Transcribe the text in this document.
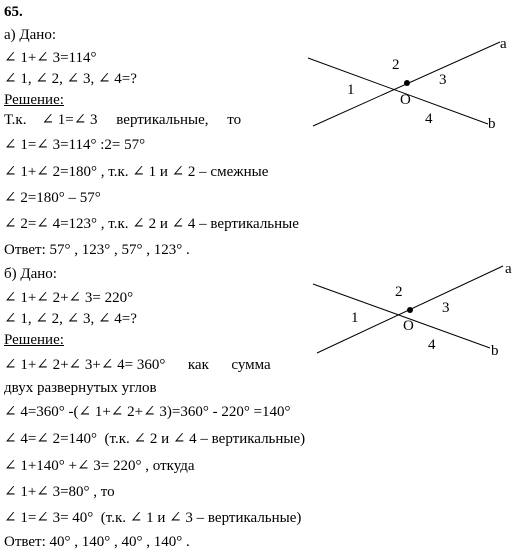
65.
а) Дано:
∠ 1+∠ 3=114°
∠ 1, ∠ 2, ∠ 3, ∠ 4=?
Решение:
Т.к.    ∠ 1=∠ 3     вертикальные,     то
∠ 1=∠ 3=114° :2= 57°
∠ 1+∠ 2=180° , т.к. ∠ 1 и ∠ 2 – смежные
∠ 2=180° – 57°
∠ 2=∠ 4=123° , т.к. ∠ 2 и ∠ 4 – вертикальные
Ответ: 57° , 123° , 57° , 123° .
б) Дано:
∠ 1+∠ 2+∠ 3= 220°
∠ 1, ∠ 2, ∠ 3, ∠ 4=?
Решение:
∠ 1+∠ 2+∠ 3+∠ 4= 360°      как      сумма
двух развернутых углов
∠ 4=360° -(∠ 1+∠ 2+∠ 3)=360° - 220° =140°
∠ 4=∠ 2=140°  (т.к. ∠ 2 и ∠ 4 – вертикальные)
∠ 1+140° +∠ 3= 220° , откуда
∠ 1+∠ 3=80° , то
∠ 1=∠ 3= 40°  (т.к. ∠ 1 и ∠ 3 – вертикальные)
Ответ: 40° , 140° , 40° , 140° .
a
b
O
1
2
3
4
a
b
O
1
2
3
4
